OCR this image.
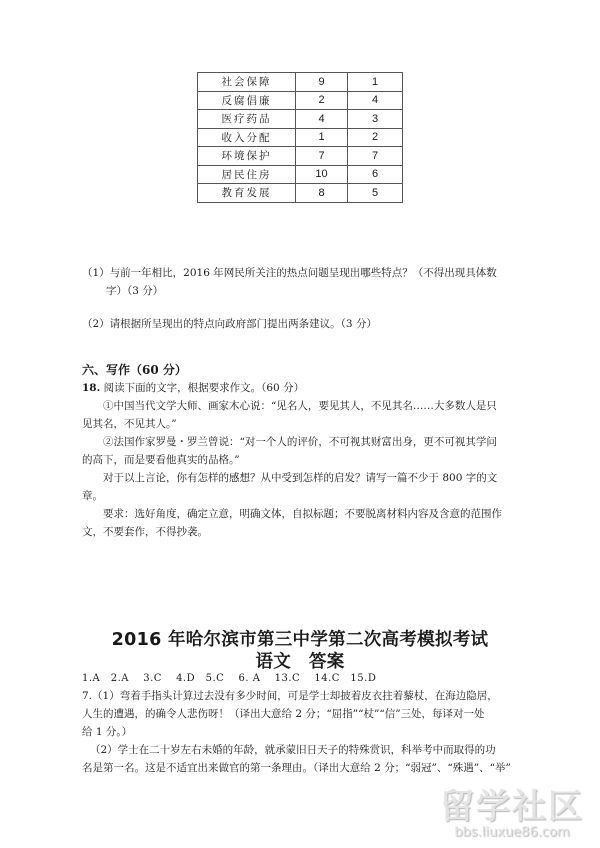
社会保障	9	1
反腐倡廉	2	4
医疗药品	4	3
收入分配	1	2
环境保护	7	7
居民住房	10	6
教育发展	8	5
（1）与前一年相比，2016 年网民所关注的热点问题呈现出哪些特点？（不得出现具体数
字）（3 分）
（2）请根据所呈现出的特点向政府部门提出两条建议。（3 分）
六、写作（60 分）
18. 阅读下面的文字，根据要求作文。（60 分）
①中国当代文学大师、画家木心说：“见名人，要见其人，不见其名……大多数人是只
见其名，不见其人。”
②法国作家罗曼・罗兰曾说：“对一个人的评价，不可视其财富出身，更不可视其学问
的高下，而是要看他真实的品格。”
对于以上言论，你有怎样的感想？从中受到怎样的启发？请写一篇不少于 800 字的文
章。
要求：选好角度，确定立意，明确文体，自拟标题；不要脱离材料内容及含意的范围作
文，不要套作，不得抄袭。
2016 年哈尔滨市第三中学第二次高考模拟考试
语文　答案
1.A　2.A　 3.C　 4.D　5.C　 6. A　 13.C　 14.C　15.D
7.（1）弯着手指头计算过去没有多少时间，可是学士却披着皮衣拄着藜杖，在海边隐居，
人生的遭遇，的确令人悲伤呀！（译出大意给 2 分；“屈指”“杖”“信”三处，每译对一处
给 1 分。）
（2）学士在二十岁左右未婚的年龄，就承蒙旧日天子的特殊赏识，科举考中而取得的功
名是第一名。这是不适宜出来做官的第一条理由。（译出大意给 2 分；“弱冠”、“殊遇”、“举”
留学社区
bbs.liuxue86.com
